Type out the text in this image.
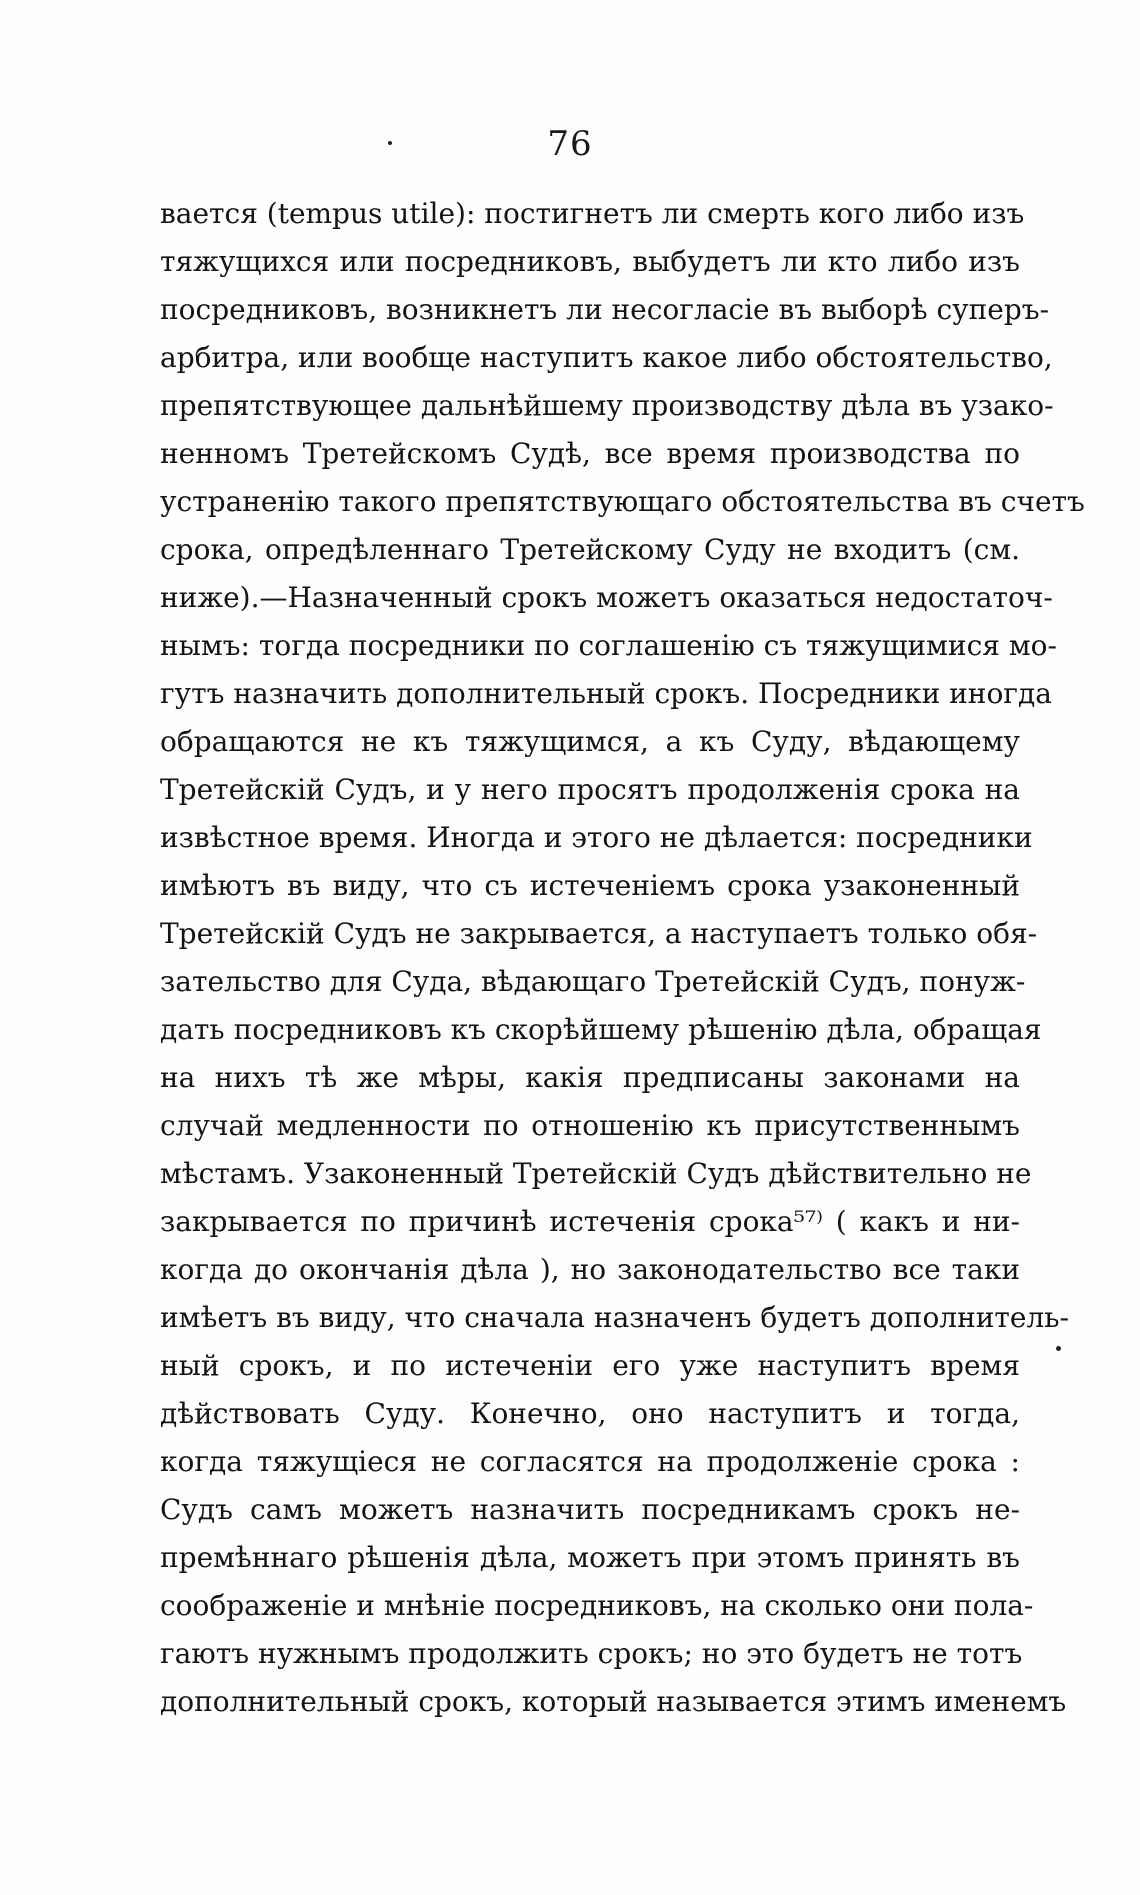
76
вается (tempus utile): постигнетъ ли смерть кого либо изъ
тяжущихся или посредниковъ, выбудетъ ли кто либо изъ
посредниковъ, возникнетъ ли несогласіе въ выборѣ суперъ-
арбитра, или вообще наступитъ какое либо обстоятельство,
препятствующее дальнѣйшему производству дѣла въ узако-
ненномъ Третейскомъ Судѣ, все время производства по
устраненію такого препятствующаго обстоятельства въ счетъ
срока, опредѣленнаго Третейскому Суду не входитъ (см.
ниже).—Назначенный срокъ можетъ оказаться недостаточ-
нымъ: тогда посредники по соглашенію съ тяжущимися мо-
гутъ назначить дополнительный срокъ. Посредники иногда
обращаются не къ тяжущимся, а къ Суду, вѣдающему
Третейскій Судъ, и у него просятъ продолженія срока на
извѣстное время. Иногда и этого не дѣлается: посредники
имѣютъ въ виду, что съ истеченіемъ срока узаконенный
Третейскій Судъ не закрывается, а наступаетъ только обя-
зательство для Суда, вѣдающаго Третейскій Судъ, понуж-
дать посредниковъ къ скорѣйшему рѣшенію дѣла, обращая
на нихъ тѣ же мѣры, какія предписаны законами на
случай медленности по отношенію къ присутственнымъ
мѣстамъ. Узаконенный Третейскій Судъ дѣйствительно не
закрывается по причинѣ истеченія срока⁵⁷⁾ ( какъ и ни-
когда до окончанія дѣла ), но законодательство все таки
имѣетъ въ виду, что сначала назначенъ будетъ дополнитель-
ный срокъ, и по истеченіи его уже наступитъ время
дѣйствовать Суду. Конечно, оно наступитъ и тогда,
когда тяжущіеся не согласятся на продолженіе срока :
Судъ самъ можетъ назначить посредникамъ срокъ не-
премѣннаго рѣшенія дѣла, можетъ при этомъ принять въ
соображеніе и мнѣніе посредниковъ, на сколько они пола-
гаютъ нужнымъ продолжить срокъ; но это будетъ не тотъ
дополнительный срокъ, который называется этимъ именемъ
